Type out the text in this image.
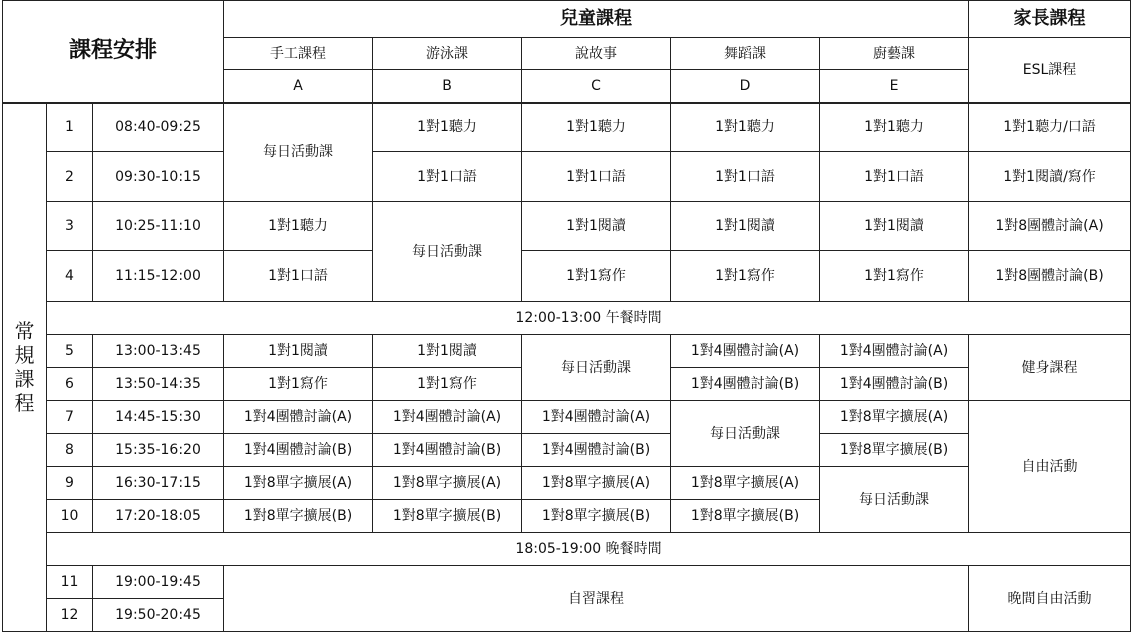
課程安排			兒童課程					家長課程
			手工課程	游泳課	說故事	舞蹈課	廚藝課	ESL課程
			A	B	C	D	E	
常規課程	1	08:40-09:25	每日活動課	1對1聽力	1對1聽力	1對1聽力	1對1聽力	1對1聽力/口語
	2	09:30-10:15		1對1口語	1對1口語	1對1口語	1對1口語	1對1閱讀/寫作
	3	10:25-11:10	1對1聽力	每日活動課	1對1閱讀	1對1閱讀	1對1閱讀	1對8團體討論(A)
	4	11:15-12:00	1對1口語		1對1寫作	1對1寫作	1對1寫作	1對8團體討論(B)
	12:00-13:00 午餐時間							
	5	13:00-13:45	1對1閱讀	1對1閱讀	每日活動課	1對4團體討論(A)	1對4團體討論(A)	健身課程
	6	13:50-14:35	1對1寫作	1對1寫作		1對4團體討論(B)	1對4團體討論(B)	
	7	14:45-15:30	1對4團體討論(A)	1對4團體討論(A)	1對4團體討論(A)	每日活動課	1對8單字擴展(A)	自由活動
	8	15:35-16:20	1對4團體討論(B)	1對4團體討論(B)	1對4團體討論(B)		1對8單字擴展(B)	
	9	16:30-17:15	1對8單字擴展(A)	1對8單字擴展(A)	1對8單字擴展(A)	1對8單字擴展(A)	每日活動課	
	10	17:20-18:05	1對8單字擴展(B)	1對8單字擴展(B)	1對8單字擴展(B)	1對8單字擴展(B)		
	18:05-19:00 晚餐時間							
	11	19:00-19:45	自習課程					晚間自由活動
	12	19:50-20:45						
